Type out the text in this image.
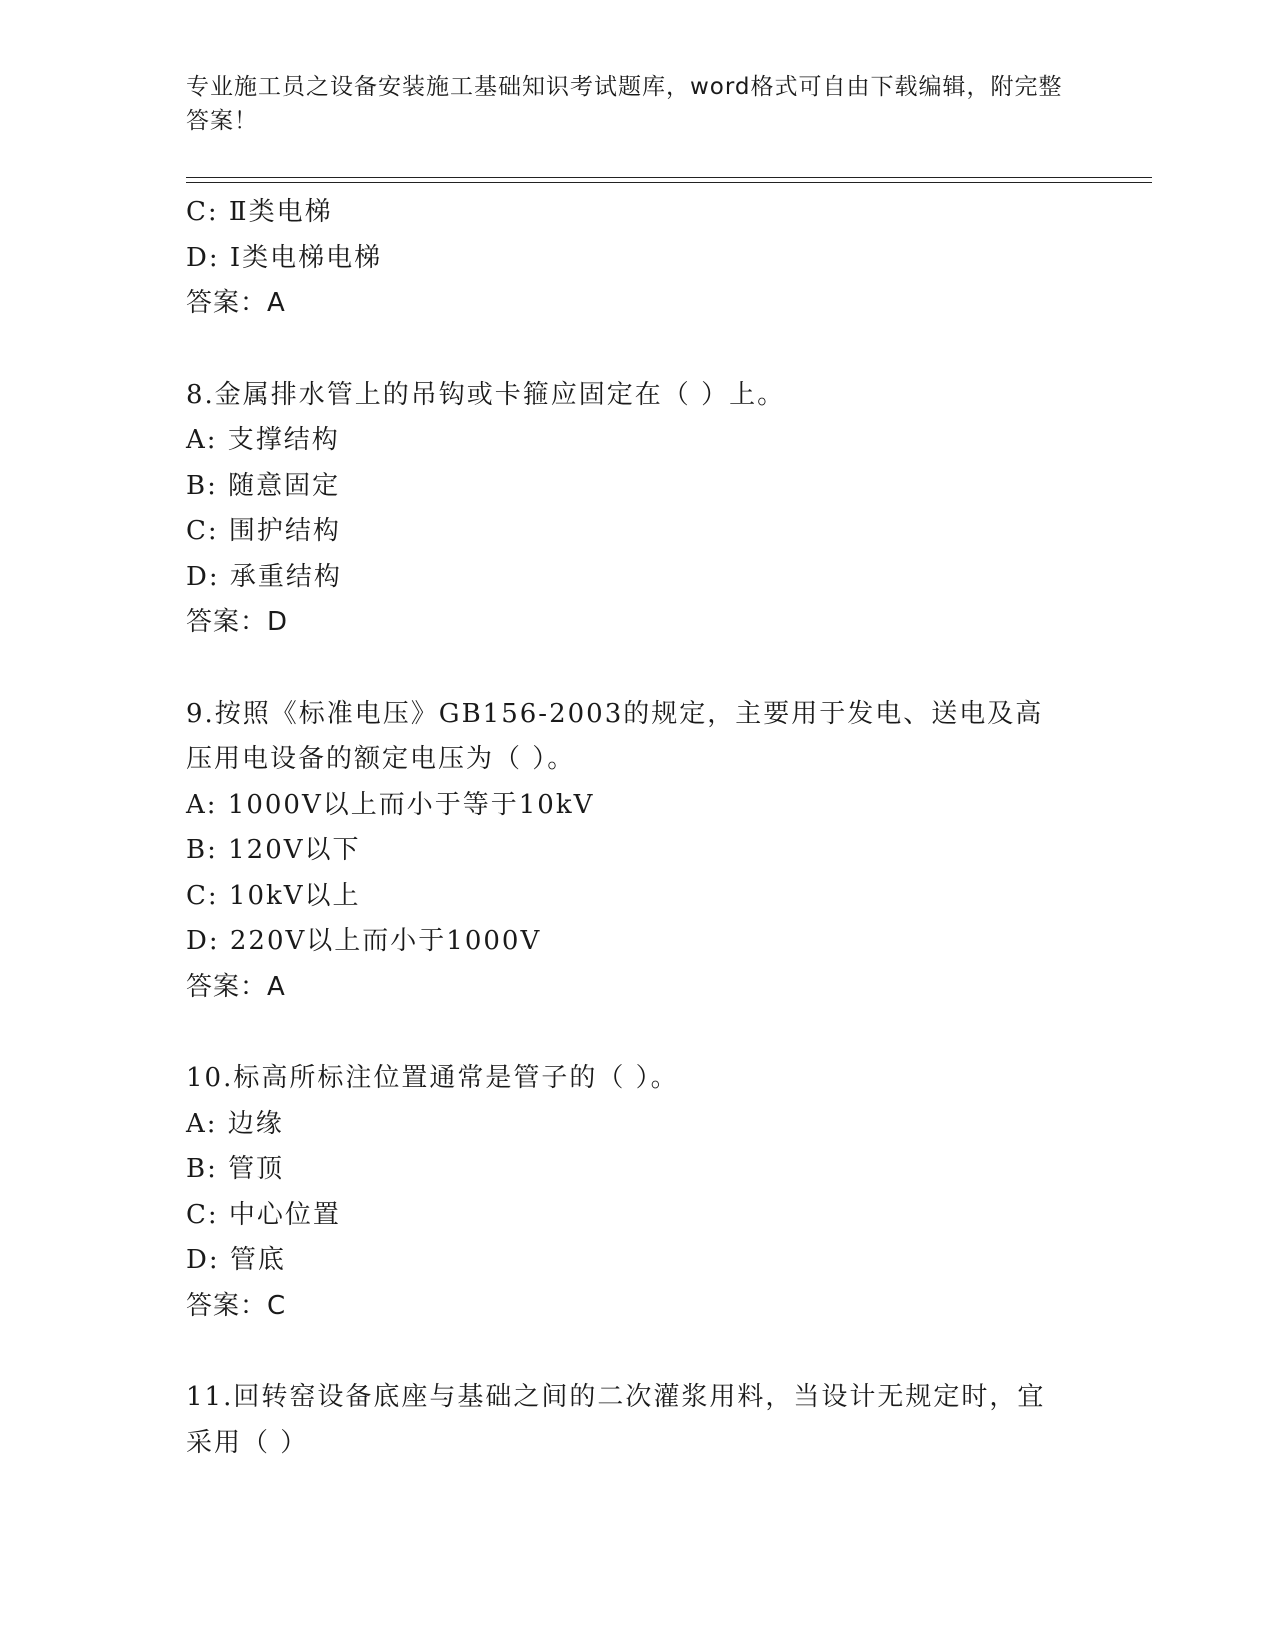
专业施工员之设备安装施工基础知识考试题库，word格式可自由下载编辑，附完整答案！
C: Ⅱ类电梯
D: Ⅰ类电梯电梯
答案：A
8.金属排水管上的吊钩或卡箍应固定在（ ）上。
A: 支撑结构
B: 随意固定
C: 围护结构
D: 承重结构
答案：D
9.按照《标准电压》GB156-2003的规定，主要用于发电、送电及高压用电设备的额定电压为（ ）。
A: 1000V以上而小于等于10kV
B: 120V以下
C: 10kV以上
D: 220V以上而小于1000V
答案：A
10.标高所标注位置通常是管子的（ ）。
A: 边缘
B: 管顶
C: 中心位置
D: 管底
答案：C
11.回转窑设备底座与基础之间的二次灌浆用料，当设计无规定时，宜采用（ ）
